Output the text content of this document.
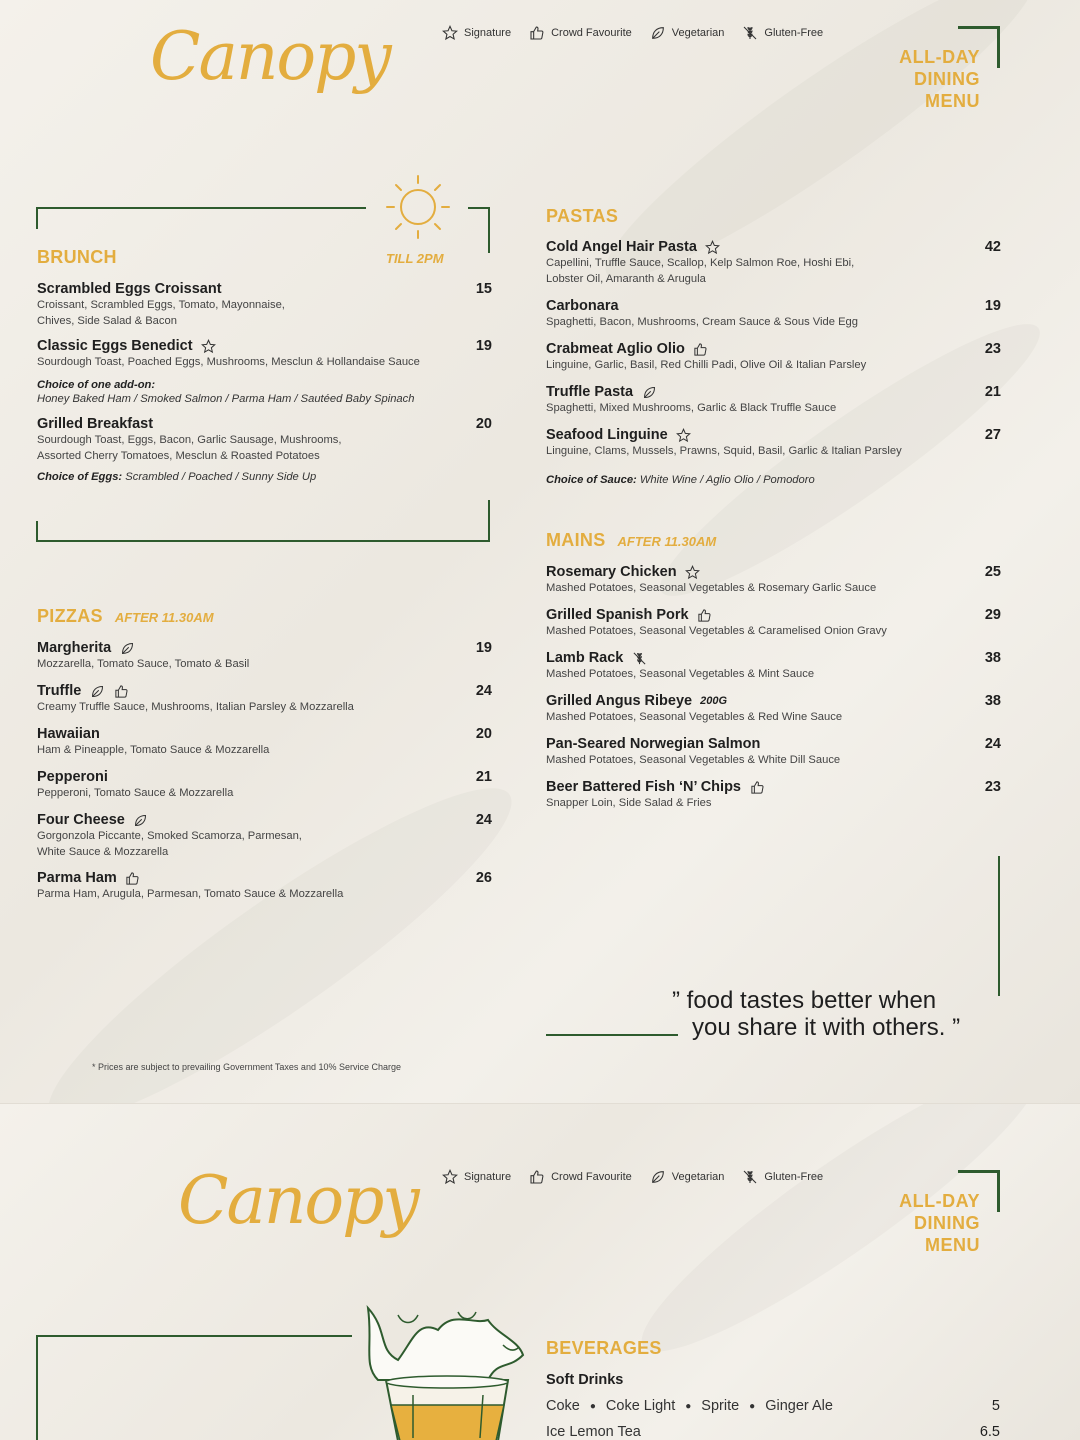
Canopy	Signature	Crowd Favourite	Vegetarian	Gluten-Free
ALL-DAY
DINING
MENU
TILL 2PM
BRUNCH
Scrambled Eggs Croissant
Croissant, Scrambled Eggs, Tomato, Mayonnaise,
Chives, Side Salad & Bacon
15
Classic Eggs Benedict
Sourdough Toast, Poached Eggs, Mushrooms, Mesclun & Hollandaise Sauce
19
Choice of one add-on:
Honey Baked Ham / Smoked Salmon / Parma Ham / Sautéed Baby Spinach
Grilled Breakfast
Sourdough Toast, Eggs, Bacon, Garlic Sausage, Mushrooms,
Assorted Cherry Tomatoes, Mesclun & Roasted Potatoes
20
Choice of Eggs: Scrambled / Poached / Sunny Side Up
PIZZAS AFTER 11.30AM
Margherita
Mozzarella, Tomato Sauce, Tomato & Basil
19
Truffle
Creamy Truffle Sauce, Mushrooms, Italian Parsley & Mozzarella
24
Hawaiian
Ham & Pineapple, Tomato Sauce & Mozzarella
20
Pepperoni
Pepperoni, Tomato Sauce & Mozzarella
21
Four Cheese
Gorgonzola Piccante, Smoked Scamorza, Parmesan,
White Sauce & Mozzarella
24
Parma Ham
Parma Ham, Arugula, Parmesan, Tomato Sauce & Mozzarella
26
PASTAS
Cold Angel Hair Pasta
Capellini, Truffle Sauce, Scallop, Kelp Salmon Roe, Hoshi Ebi,
Lobster Oil, Amaranth & Arugula
42
Carbonara
Spaghetti, Bacon, Mushrooms, Cream Sauce & Sous Vide Egg
19
Crabmeat Aglio Olio
Linguine, Garlic, Basil, Red Chilli Padi, Olive Oil & Italian Parsley
23
Truffle Pasta
Spaghetti, Mixed Mushrooms, Garlic & Black Truffle Sauce
21
Seafood Linguine
Linguine, Clams, Mussels, Prawns, Squid, Basil, Garlic & Italian Parsley
27
Choice of Sauce: White Wine / Aglio Olio / Pomodoro
MAINS AFTER 11.30AM
Rosemary Chicken
Mashed Potatoes, Seasonal Vegetables & Rosemary Garlic Sauce
25
Grilled Spanish Pork
Mashed Potatoes, Seasonal Vegetables & Caramelised Onion Gravy
29
Lamb Rack
Mashed Potatoes, Seasonal Vegetables & Mint Sauce
38
Grilled Angus Ribeye 200G
Mashed Potatoes, Seasonal Vegetables & Red Wine Sauce
38
Pan-Seared Norwegian Salmon
Mashed Potatoes, Seasonal Vegetables & White Dill Sauce
24
Beer Battered Fish ‘N’ Chips
Snapper Loin, Side Salad & Fries
23
” food tastes better when
you share it with others. ”
* Prices are subject to prevailing Government Taxes and 10% Service Charge
Canopy	Signature	Crowd Favourite	Vegetarian	Gluten-Free
ALL-DAY
DINING
MENU
BEVERAGES
Soft Drinks
Coke ● Coke Light ● Sprite ● Ginger Ale	5
Ice Lemon Tea	6.5
